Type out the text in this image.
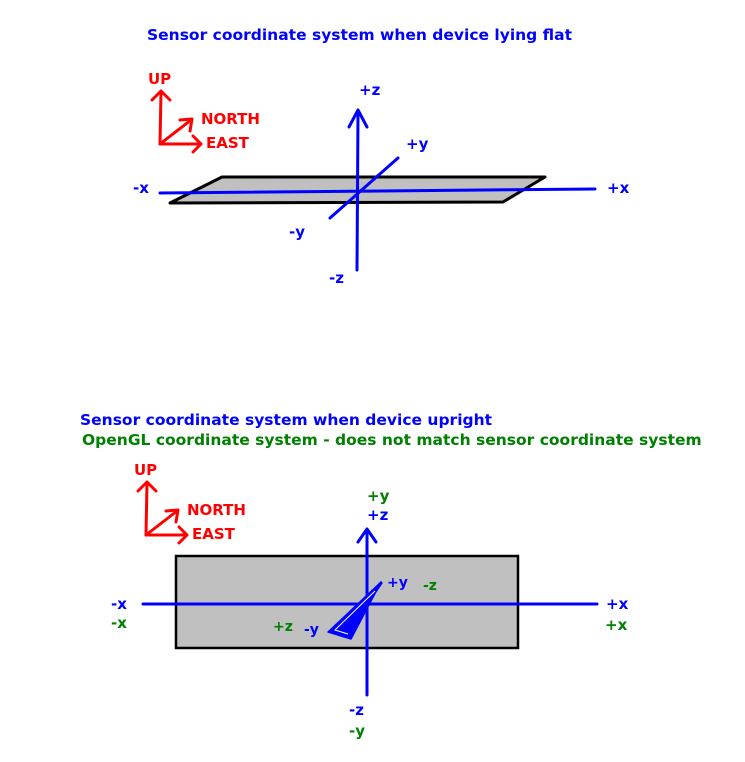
Sensor coordinate system when device lying flat
UP
NORTH
EAST
+z
-z
+x
-x
+y
-y
Sensor coordinate system when device upright
OpenGL coordinate system - does not match sensor coordinate system
UP
NORTH
EAST
+z
-z
+x
-x
+y
-y
+y
-y
+x
-x	+z
-z
